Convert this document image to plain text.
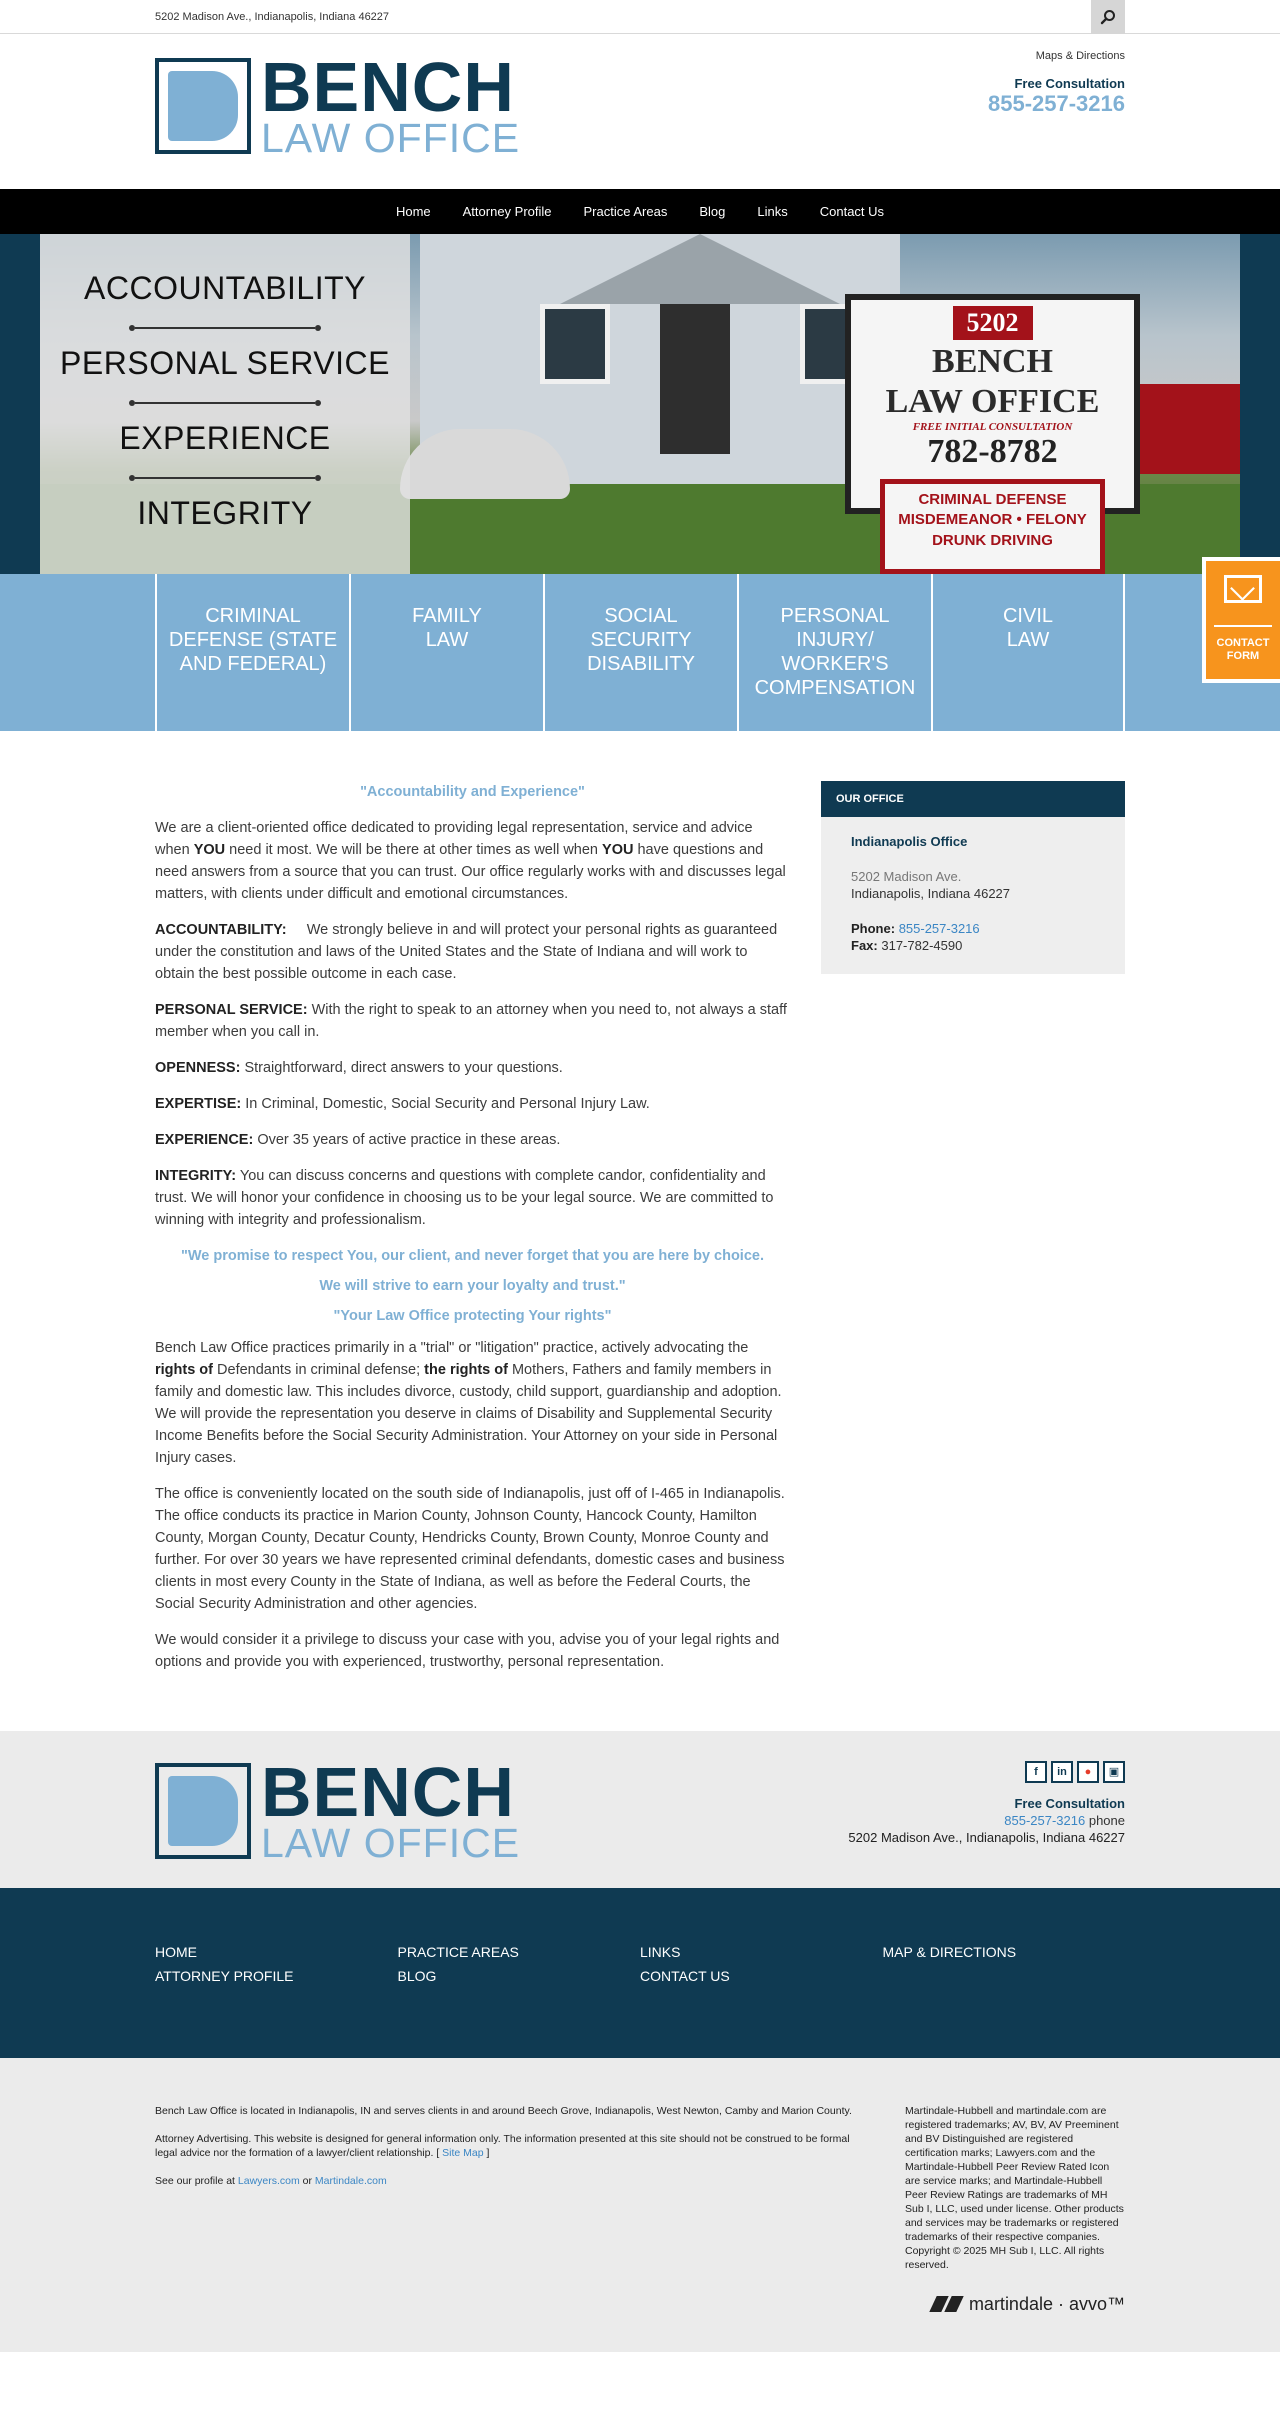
5202 Madison Ave., Indianapolis, Indiana 46227
BENCH
LAW OFFICE
Maps & Directions
Free Consultation
855-257-3216
Home Attorney Profile Practice Areas Blog Links Contact Us
5202
BENCH
LAW OFFICE
FREE INITIAL CONSULTATION
782-8782
CRIMINAL DEFENSE
MISDEMEANOR • FELONY
DRUNK DRIVING
ACCOUNTABILITY
PERSONAL SERVICE
EXPERIENCE
INTEGRITY
CRIMINAL DEFENSE (STATE AND FEDERAL)
FAMILY LAW
SOCIAL SECURITY DISABILITY
PERSONAL INJURY/ WORKER'S COMPENSATION
CIVIL LAW	CONTACT
FORM

"Accountability and Experience"

We are a client-oriented office dedicated to providing legal representation, service and advice when YOU need it most. We will be there at other times as well when YOU have questions and need answers from a source that you can trust. Our office regularly works with and discusses legal matters, with clients under difficult and emotional circumstances.

ACCOUNTABILITY:     We strongly believe in and will protect your personal rights as guaranteed under the constitution and laws of the United States and the State of Indiana and will work to obtain the best possible outcome in each case.

PERSONAL SERVICE: With the right to speak to an attorney when you need to, not always a staff member when you call in.

OPENNESS: Straightforward, direct answers to your questions.

EXPERTISE: In Criminal, Domestic, Social Security and Personal Injury Law.

EXPERIENCE: Over 35 years of active practice in these areas.

INTEGRITY: You can discuss concerns and questions with complete candor, confidentiality and trust. We will honor your confidence in choosing us to be your legal source. We are committed to winning with integrity and professionalism.

"We promise to respect You, our client, and never forget that you are here by choice.

We will strive to earn your loyalty and trust."

"Your Law Office protecting Your rights"

Bench Law Office practices primarily in a "trial" or "litigation" practice, actively advocating the rights of Defendants in criminal defense; the rights of Mothers, Fathers and family members in family and domestic law. This includes divorce, custody, child support, guardianship and adoption. We will provide the representation you deserve in claims of Disability and Supplemental Security Income Benefits before the Social Security Administration. Your Attorney on your side in Personal Injury cases.

The office is conveniently located on the south side of Indianapolis, just off of I-465 in Indianapolis. The office conducts its practice in Marion County, Johnson County, Hancock County, Hamilton County, Morgan County, Decatur County, Hendricks County, Brown County, Monroe County and further. For over 30 years we have represented criminal defendants, domestic cases and business clients in most every County in the State of Indiana, as well as before the Federal Courts, the Social Security Administration and other agencies.

We would consider it a privilege to discuss your case with you, advise you of your legal rights and options and provide you with experienced, trustworthy, personal representation.

OUR OFFICE
Indianapolis Office
5202 Madison Ave.
Indianapolis, Indiana 46227
Phone: 855-257-3216
Fax: 317-782-4590
BENCH
LAW OFFICE
f	in	●	▣
Free Consultation
855-257-3216 phone
5202 Madison Ave., Indianapolis, Indiana 46227
HOME
ATTORNEY PROFILE
PRACTICE AREAS
BLOG
LINKS
CONTACT US
MAP & DIRECTIONS

Bench Law Office is located in Indianapolis, IN and serves clients in and around Beech Grove, Indianapolis, West Newton, Camby and Marion County.

Attorney Advertising. This website is designed for general information only. The information presented at this site should not be construed to be formal legal advice nor the formation of a lawyer/client relationship. [ Site Map ]

See our profile at Lawyers.com or Martindale.com

Martindale-Hubbell and martindale.com are registered trademarks; AV, BV, AV Preeminent and BV Distinguished are registered certification marks; Lawyers.com and the Martindale-Hubbell Peer Review Rated Icon are service marks; and Martindale-Hubbell Peer Review Ratings are trademarks of MH Sub I, LLC, used under license. Other products and services may be trademarks or registered trademarks of their respective companies. Copyright © 2025 MH Sub I, LLC. All rights reserved.
martindale · avvo™
